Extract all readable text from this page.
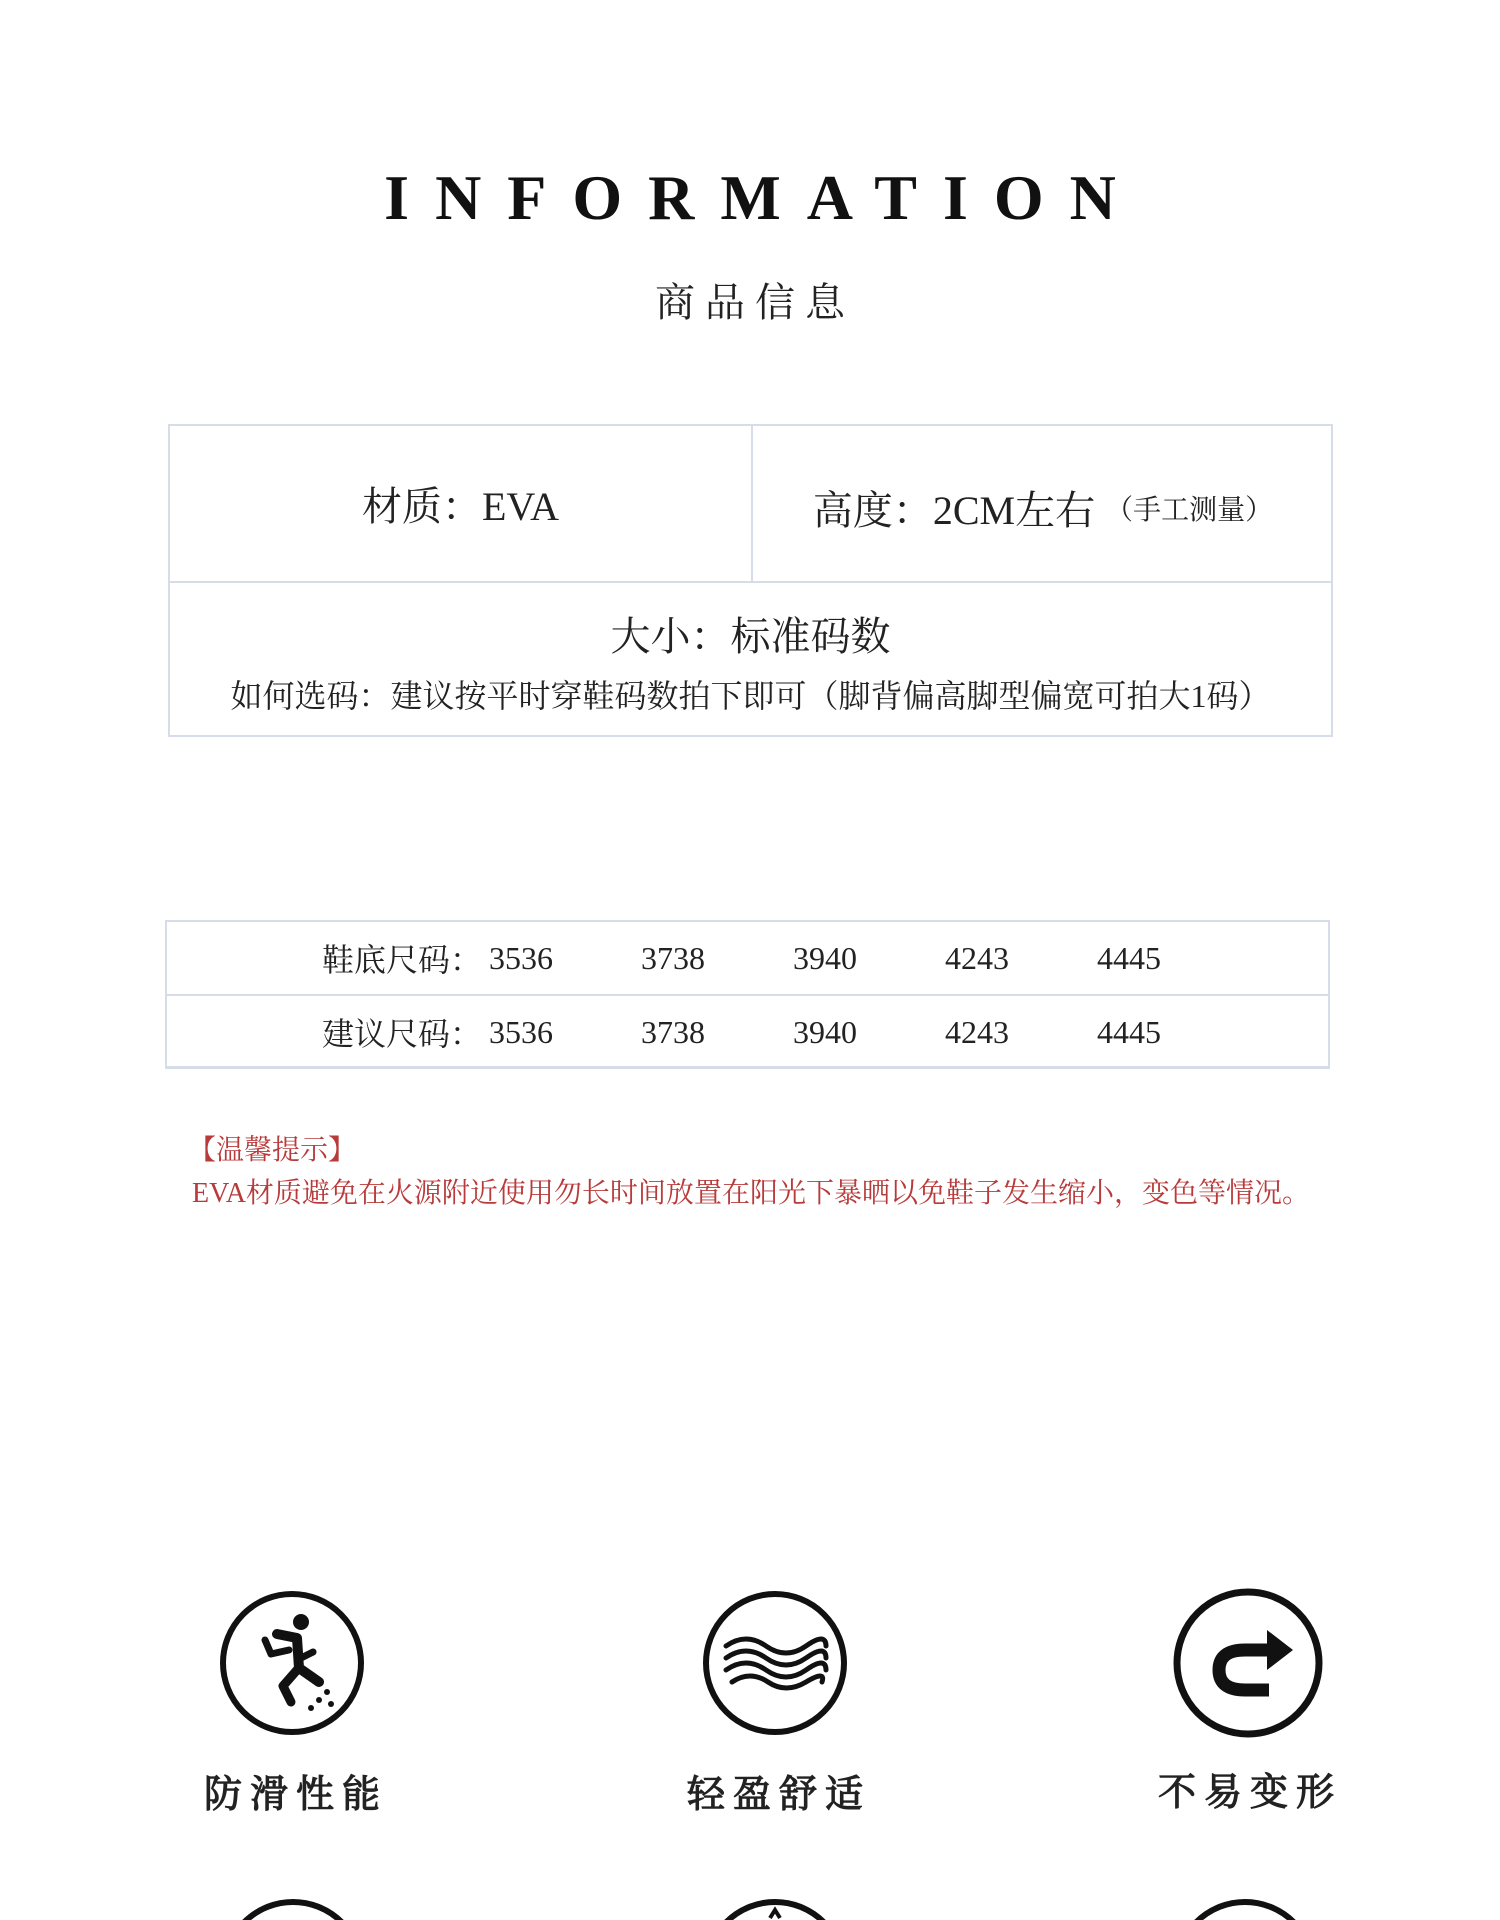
INFORMATION
商品信息
材质：EVA	高度：2CM左右 （手工测量）
大小：标准码数
如何选码：建议按平时穿鞋码数拍下即可（脚背偏高脚型偏宽可拍大1码）
鞋底尺码： 3536	3738	3940	4243	4445
建议尺码： 3536	3738	3940	4243	4445
【温馨提示】
EVA材质避免在火源附近使用勿长时间放置在阳光下暴晒以免鞋子发生缩小，变色等情况。
防滑性能	轻盈舒适	不易变形
